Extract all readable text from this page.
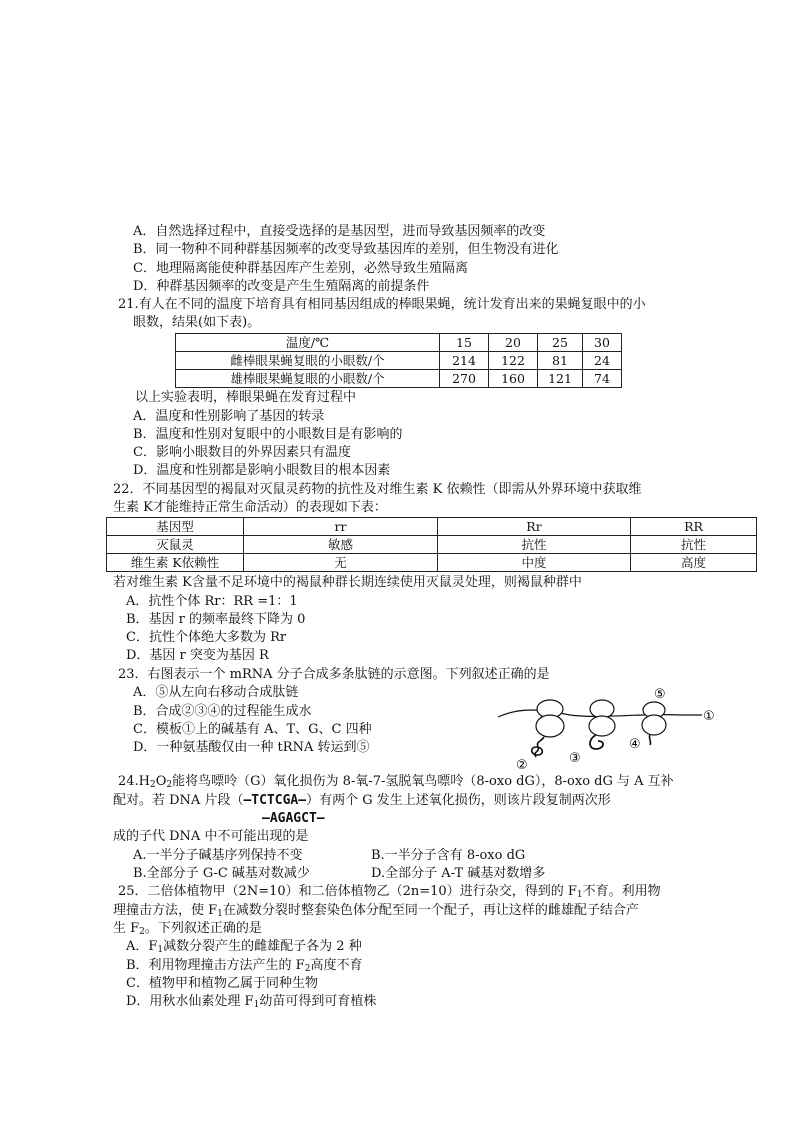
A．自然选择过程中，直接受选择的是基因型，进而导致基因频率的改变
B．同一物种不同种群基因频率的改变导致基因库的差别，但生物没有进化
C．地理隔离能使种群基因库产生差别，必然导致生殖隔离
D．种群基因频率的改变是产生生殖隔离的前提条件
21.有人在不同的温度下培育具有相同基因组成的棒眼果蝇，统计发育出来的果蝇复眼中的小
眼数，结果(如下表)。
温度/℃	15	20	25	30
雌棒眼果蝇复眼的小眼数/个	214	122	81	24
雄棒眼果蝇复眼的小眼数/个	270	160	121	74
以上实验表明，棒眼果蝇在发育过程中
A．温度和性别影响了基因的转录
B．温度和性别对复眼中的小眼数目是有影响的
C．影响小眼数目的外界因素只有温度
D．温度和性别都是影响小眼数目的根本因素
22．不同基因型的褐鼠对灭鼠灵药物的抗性及对维生素 K 依赖性（即需从外界环境中获取维
生素 K才能维持正常生命活动）的表现如下表：
基因型	rr	Rr	RR
灭鼠灵	敏感	抗性	抗性
维生素 K依赖性	无	中度	高度
若对维生素 K含量不足环境中的褐鼠种群长期连续使用灭鼠灵处理，则褐鼠种群中
A．抗性个体 Rr：RR =1：1
B．基因 r 的频率最终下降为 0
C．抗性个体绝大多数为 Rr
D．基因 r 突变为基因 R
23．右图表示一个 mRNA 分子合成多条肽链的示意图。下列叙述正确的是
A．⑤从左向右移动合成肽链
B．合成②③④的过程能生成水
C．模板①上的碱基有 A、T、G、C 四种
D．一种氨基酸仅由一种 tRNA 转运到⑤
①
②	③
④
⑤
$24.H_2O_2$能将鸟嘌呤（G）氧化损伤为 8-氧-7-氢脱氧鸟嘌呤（8-oxo dG），8-oxo dG 与 A 互补
配对。若 DNA 片段（—TCTCGA—）有两个 G 发生上述氧化损伤，则该片段复制两次形
—AGAGCT—
成的子代 DNA 中不可能出现的是
A.一半分子碱基序列保持不变	B.一半分子含有 8-oxo dG
B.全部分子 G-C 碱基对数减少	D.全部分子 A-T 碱基对数增多
25．二倍体植物甲（2N=10）和二倍体植物乙（2n=10）进行杂交，得到的 $F_1$不育。利用物
理撞击方法，使 $F_1$在减数分裂时整套染色体分配至同一个配子，再让这样的雌雄配子结合产
生 $F_2$。下列叙述正确的是
A．$F_1$减数分裂产生的雌雄配子各为 2 种
B．利用物理撞击方法产生的 $F_2$高度不育
C．植物甲和植物乙属于同种生物
D．用秋水仙素处理 $F_1$幼苗可得到可育植株
